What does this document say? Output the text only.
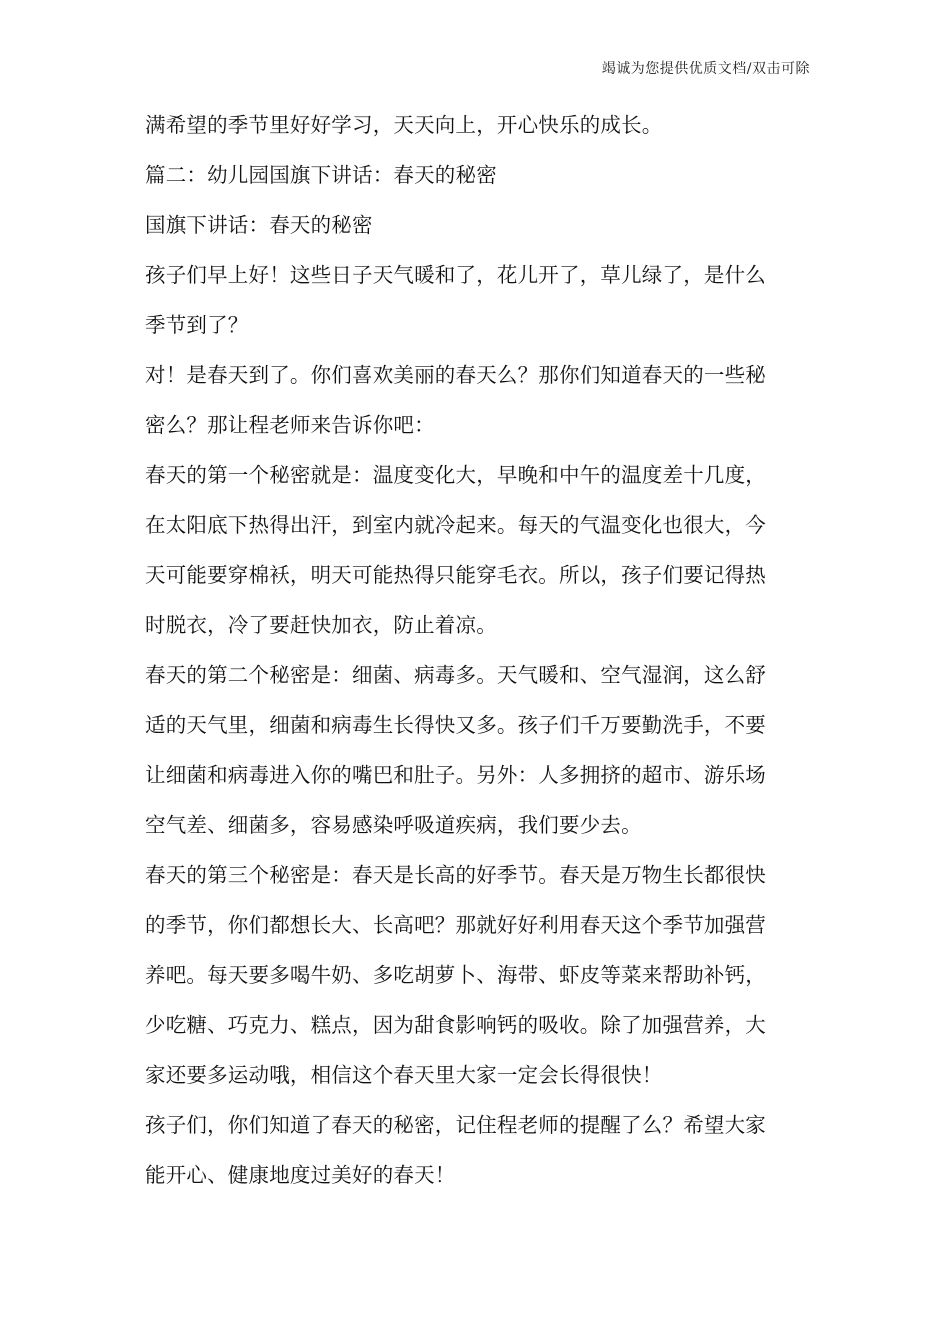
竭诚为您提供优质文档/双击可除
满希望的季节里好好学习，天天向上，开心快乐的成长。
篇二：幼儿园国旗下讲话：春天的秘密
国旗下讲话：春天的秘密
孩子们早上好！这些日子天气暖和了，花儿开了，草儿绿了，是什么
季节到了？
对！是春天到了。你们喜欢美丽的春天么？那你们知道春天的一些秘
密么？那让程老师来告诉你吧：
春天的第一个秘密就是：温度变化大，早晚和中午的温度差十几度，
在太阳底下热得出汗，到室内就冷起来。每天的气温变化也很大，今
天可能要穿棉袄，明天可能热得只能穿毛衣。所以，孩子们要记得热
时脱衣，冷了要赶快加衣，防止着凉。
春天的第二个秘密是：细菌、病毒多。天气暖和、空气湿润，这么舒
适的天气里，细菌和病毒生长得快又多。孩子们千万要勤洗手，不要
让细菌和病毒进入你的嘴巴和肚子。另外：人多拥挤的超市、游乐场
空气差、细菌多，容易感染呼吸道疾病，我们要少去。
春天的第三个秘密是：春天是长高的好季节。春天是万物生长都很快
的季节，你们都想长大、长高吧？那就好好利用春天这个季节加强营
养吧。每天要多喝牛奶、多吃胡萝卜、海带、虾皮等菜来帮助补钙，
少吃糖、巧克力、糕点，因为甜食影响钙的吸收。除了加强营养，大
家还要多运动哦，相信这个春天里大家一定会长得很快！
孩子们，你们知道了春天的秘密，记住程老师的提醒了么？希望大家
能开心、健康地度过美好的春天！
